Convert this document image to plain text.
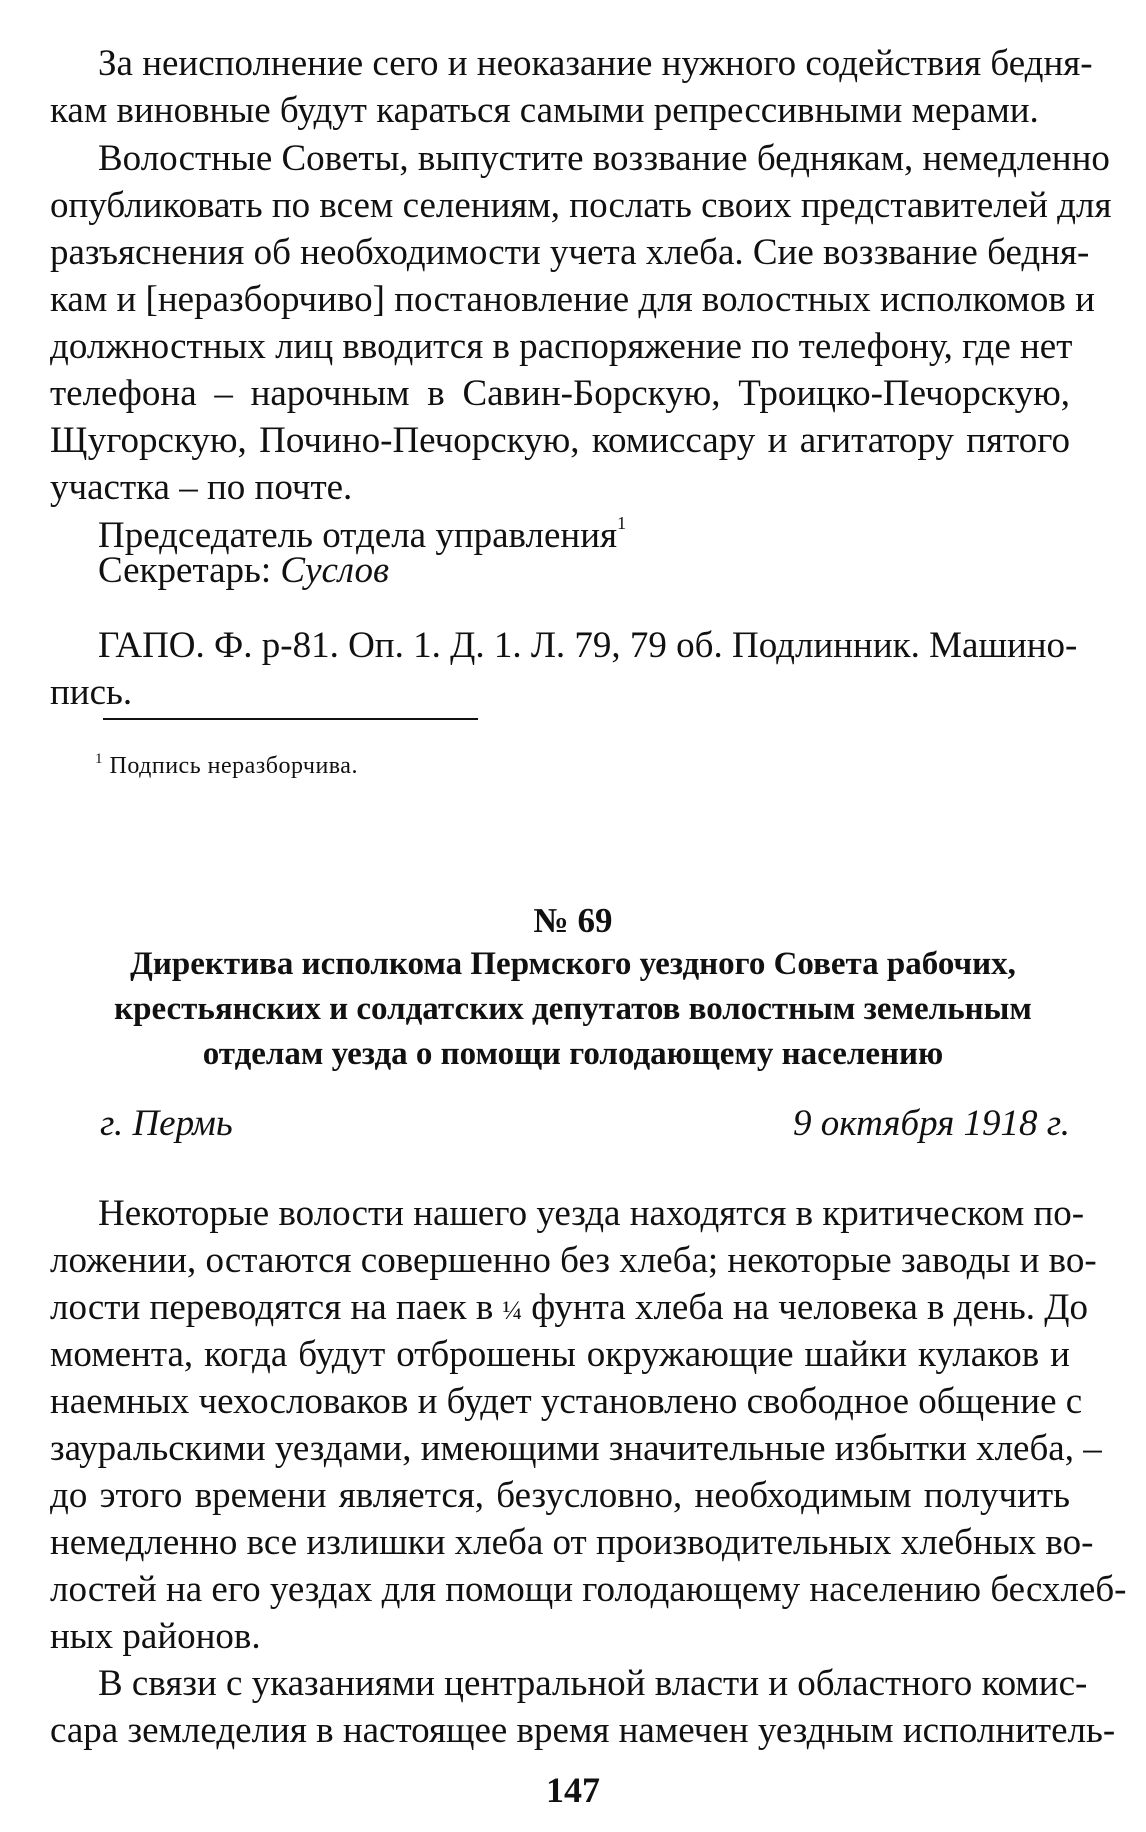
За неисполнение сего и неоказание нужного содействия бедня-
кам виновные будут караться самыми репрессивными мерами.
Волостные Советы, выпустите воззвание беднякам, немедленно
опубликовать по всем селениям, послать своих представителей для
разъяснения об необходимости учета хлеба. Сие воззвание бедня-
кам и [неразборчиво] постановление для волостных исполкомов и
должностных лиц вводится в распоряжение по телефону, где нет
телефона – нарочным в Савин-Борскую, Троицко-Печорскую,
Щугорскую, Почино-Печорскую, комиссару и агитатору пятого
участка – по почте.
Председатель отдела управления$^1$
Секретарь: Суслов
ГАПО. Ф. р-81. Оп. 1. Д. 1. Л. 79, 79 об. Подлинник. Машино-
пись.
$^1$ Подпись неразборчива.
№ 69
Директива исполкома Пермского уездного Совета рабочих,
крестьянских и солдатских депутатов волостным земельным
отделам уезда о помощи голодающему населению
г. Пермь	9 октября 1918 г.
Некоторые волости нашего уезда находятся в критическом по-
ложении, остаются совершенно без хлеба; некоторые заводы и во-
лости переводятся на паек в ¼ фунта хлеба на человека в день. До
момента, когда будут отброшены окружающие шайки кулаков и
наемных чехословаков и будет установлено свободное общение с
зауральскими уездами, имеющими значительные избытки хлеба, –
до этого времени является, безусловно, необходимым получить
немедленно все излишки хлеба от производительных хлебных во-
лостей на его уездах для помощи голодающему населению бесхлеб-
ных районов.
В связи с указаниями центральной власти и областного комис-
сара земледелия в настоящее время намечен уездным исполнитель-
147
